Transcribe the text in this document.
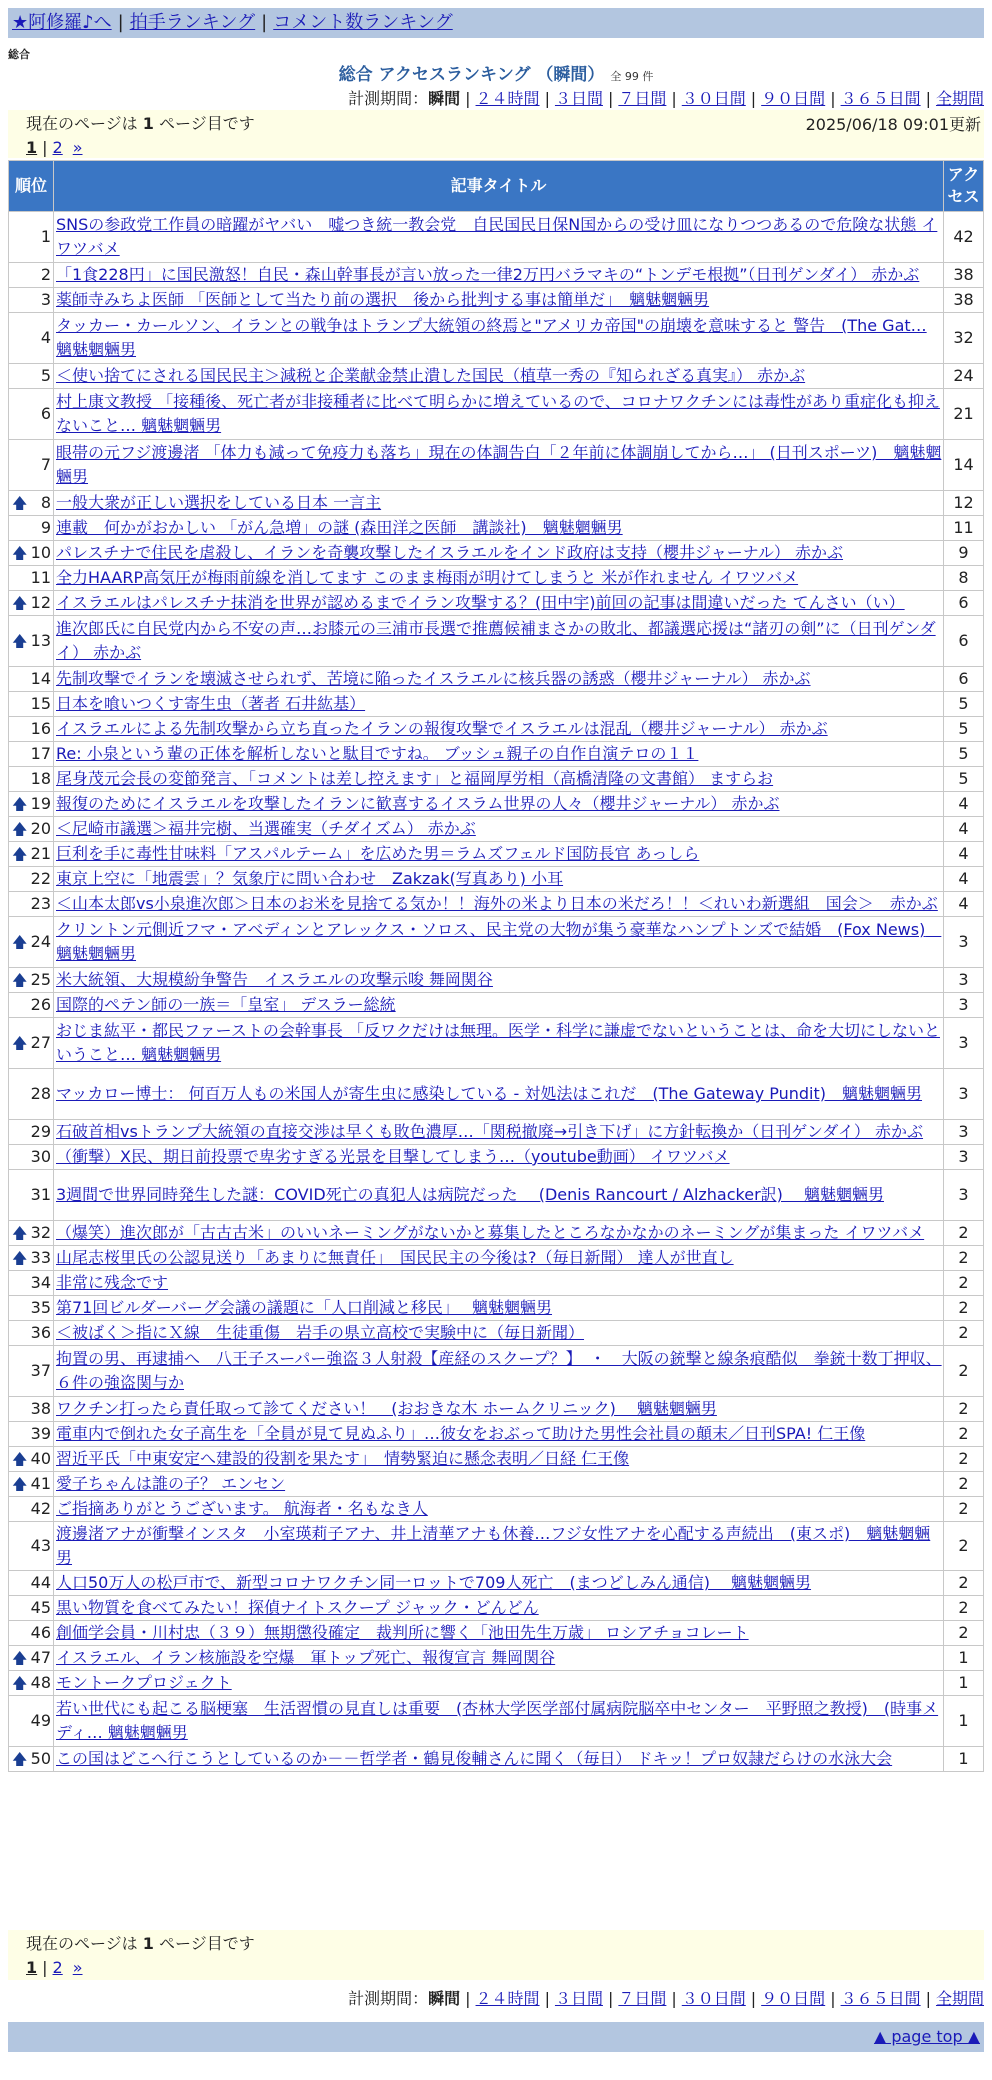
★阿修羅♪へ | 拍手ランキング | コメント数ランキング
総合
総合 アクセスランキング （瞬間） 全 99 件
計測期間：瞬間 | ２４時間 | ３日間 | ７日間 | ３０日間 | ９０日間 | ３６５日間 | 全期間
現在のページは 1 ページ目です	2025/06/18 09:01更新
1 | 2 »
順位	記事タイトル	アクセス
1	SNSの参政党工作員の暗躍がヤバい　嘘つき統一教会党　自民国民日保N国からの受け皿になりつつあるので危険な状態 イワツバメ	42
2	「1食228円」に国民激怒！自民・森山幹事長が言い放った一律2万円バラマキの“トンデモ根拠”（日刊ゲンダイ） 赤かぶ	38
3	薬師寺みちよ医師 「医師として当たり前の選択　後から批判する事は簡単だ」　魑魅魍魎男	38
4	タッカー・カールソン、イランとの戦争はトランプ大統領の終焉と"アメリカ帝国"の崩壊を意味すると 警告　(The Gat… 魑魅魍魎男	32
5	＜使い捨てにされる国民民主＞減税と企業献金禁止潰した国民（植草一秀の『知られざる真実』） 赤かぶ	24
6	村上康文教授 「接種後、死亡者が非接種者に比べて明らかに増えているので、コロナワクチンには毒性があり重症化も抑えないこと… 魑魅魍魎男	21
7	眼帯の元フジ渡邊渚 「体力も減って免疫力も落ち」現在の体調告白「２年前に体調崩してから…」 (日刊スポーツ)　魑魅魍魎男	14

🡅 8	一般大衆が正しい選択をしている日本 一言主	12
9	連載　何かがおかしい 「がん急増」の謎 (森田洋之医師　講談社)　魑魅魍魎男	11

🡅 10	パレスチナで住民を虐殺し、イランを奇襲攻撃したイスラエルをインド政府は支持（櫻井ジャーナル） 赤かぶ	9
11	全力HAARP高気圧が梅雨前線を消してます このまま梅雨が明けてしまうと 米が作れません イワツバメ	8

🡅 12	イスラエルはパレスチナ抹消を世界が認めるまでイラン攻撃する？(田中宇)前回の記事は間違いだった てんさい（い）	6

🡅 13	進次郎氏に自民党内から不安の声…お膝元の三浦市長選で推薦候補まさかの敗北、都議選応援は“諸刃の剣”に（日刊ゲンダイ） 赤かぶ	6
14	先制攻撃でイランを壊滅させられず、苦境に陥ったイスラエルに核兵器の誘惑（櫻井ジャーナル） 赤かぶ	6
15	日本を喰いつくす寄生虫（著者 石井紘基）	5
16	イスラエルによる先制攻撃から立ち直ったイランの報復攻撃でイスラエルは混乱（櫻井ジャーナル） 赤かぶ	5
17	Re: 小泉という輩の正体を解析しないと駄目ですね。 ブッシュ親子の自作自演テロの１１	5
18	尾身茂元会長の変節発言、「コメントは差し控えます」と福岡厚労相（高橋清隆の文書館） ますらお	5

🡅 19	報復のためにイスラエルを攻撃したイランに歓喜するイスラム世界の人々（櫻井ジャーナル） 赤かぶ	4

🡅 20	＜尼崎市議選＞福井完樹、当選確実（チダイズム） 赤かぶ	4

🡅 21	巨利を手に毒性甘味料「アスパルテーム」を広めた男＝ラムズフェルド国防長官 あっしら	4
22	東京上空に「地震雲」？気象庁に問い合わせ　Zakzak(写真あり) 小耳	4
23	＜山本太郎vs小泉進次郎＞日本のお米を見捨てる気か！！海外の米より日本の米だろ！！＜れいわ新選組　国会＞　赤かぶ	4

🡅 24	クリントン元側近フマ・アベディンとアレックス・ソロス、民主党の大物が集う豪華なハンプトンズで結婚　(Fox News)　魑魅魍魎男	3

🡅 25	米大統領、大規模紛争警告　イスラエルの攻撃示唆 舞岡関谷	3
26	国際的ペテン師の一族＝「皇室」 デスラー総統	3

🡅 27	おじま紘平・都民ファーストの会幹事長 「反ワクだけは無理。医学・科学に謙虚でないということは、命を大切にしないということ… 魑魅魍魎男	3
28	マッカロー博士： 何百万人もの米国人が寄生虫に感染している - 対処法はこれだ　(The Gateway Pundit)　魑魅魍魎男	3
29	石破首相vsトランプ大統領の直接交渉は早くも敗色濃厚…「関税撤廃→引き下げ」に方針転換か（日刊ゲンダイ） 赤かぶ	3
30	（衝撃）X民、期日前投票で卑劣すぎる光景を目撃してしまう…（youtube動画） イワツバメ	3
31	3週間で世界同時発生した謎：COVID死亡の真犯人は病院だった　 (Denis Rancourt / Alzhacker訳)　 魑魅魍魎男	3

🡅 32	（爆笑）進次郎が「古古古米」のいいネーミングがないかと募集したところなかなかのネーミングが集まった イワツバメ	2

🡅 33	山尾志桜里氏の公認見送り「あまりに無責任」　国民民主の今後は?（毎日新聞） 達人が世直し	2
34	非常に残念です	2
35	第71回ビルダーバーグ会議の議題に「人口削減と移民」　 魑魅魍魎男	2
36	＜被ばく＞指にＸ線　生徒重傷　岩手の県立高校で実験中に（毎日新聞）	2
37	拘置の男、再逮捕へ　八王子スーパー強盗３人射殺【産経のスクープ？】　・　大阪の銃撃と線条痕酷似　拳銃十数丁押収、６件の強盗関与か	2
38	ワクチン打ったら責任取って診てください！　(おおきな木 ホームクリニック)　 魑魅魍魎男	2
39	電車内で倒れた女子高生を「全員が見て見ぬふり」…彼女をおぶって助けた男性会社員の顛末／日刊SPA! 仁王像	2

🡅 40	習近平氏「中東安定へ建設的役割を果たす」　情勢緊迫に懸念表明／日経 仁王像	2

🡅 41	愛子ちゃんは誰の子？ エンセン	2
42	ご指摘ありがとうございます。 航海者・名もなき人	2
43	渡邊渚アナが衝撃インスタ　小室瑛莉子アナ、井上清華アナも休養…フジ女性アナを心配する声続出　(東スポ)　魑魅魍魎男	2
44	人口50万人の松戸市で、新型コロナワクチン同一ロットで709人死亡　(まつどしみん通信)　 魑魅魍魎男	2
45	黒い物質を食べてみたい！探偵ナイトスクープ ジャック・どんどん	2
46	創価学会員・川村忠（３９）無期懲役確定　裁判所に響く「池田先生万歳」 ロシアチョコレート	2

🡅 47	イスラエル、イラン核施設を空爆　軍トップ死亡、報復宣言 舞岡関谷	1

🡅 48	モントークプロジェクト	1
49	若い世代にも起こる脳梗塞　生活習慣の見直しは重要　(杏林大学医学部付属病院脳卒中センター　平野照之教授)　(時事メディ… 魑魅魍魎男	1

🡅 50	この国はどこへ行こうとしているのか－－哲学者・鶴見俊輔さんに聞く（毎日） ドキッ！プロ奴隷だらけの水泳大会	1
現在のページは 1 ページ目です
1 | 2 »
計測期間：瞬間 | ２４時間 | ３日間 | ７日間 | ３０日間 | ９０日間 | ３６５日間 | 全期間
▲ page top ▲
